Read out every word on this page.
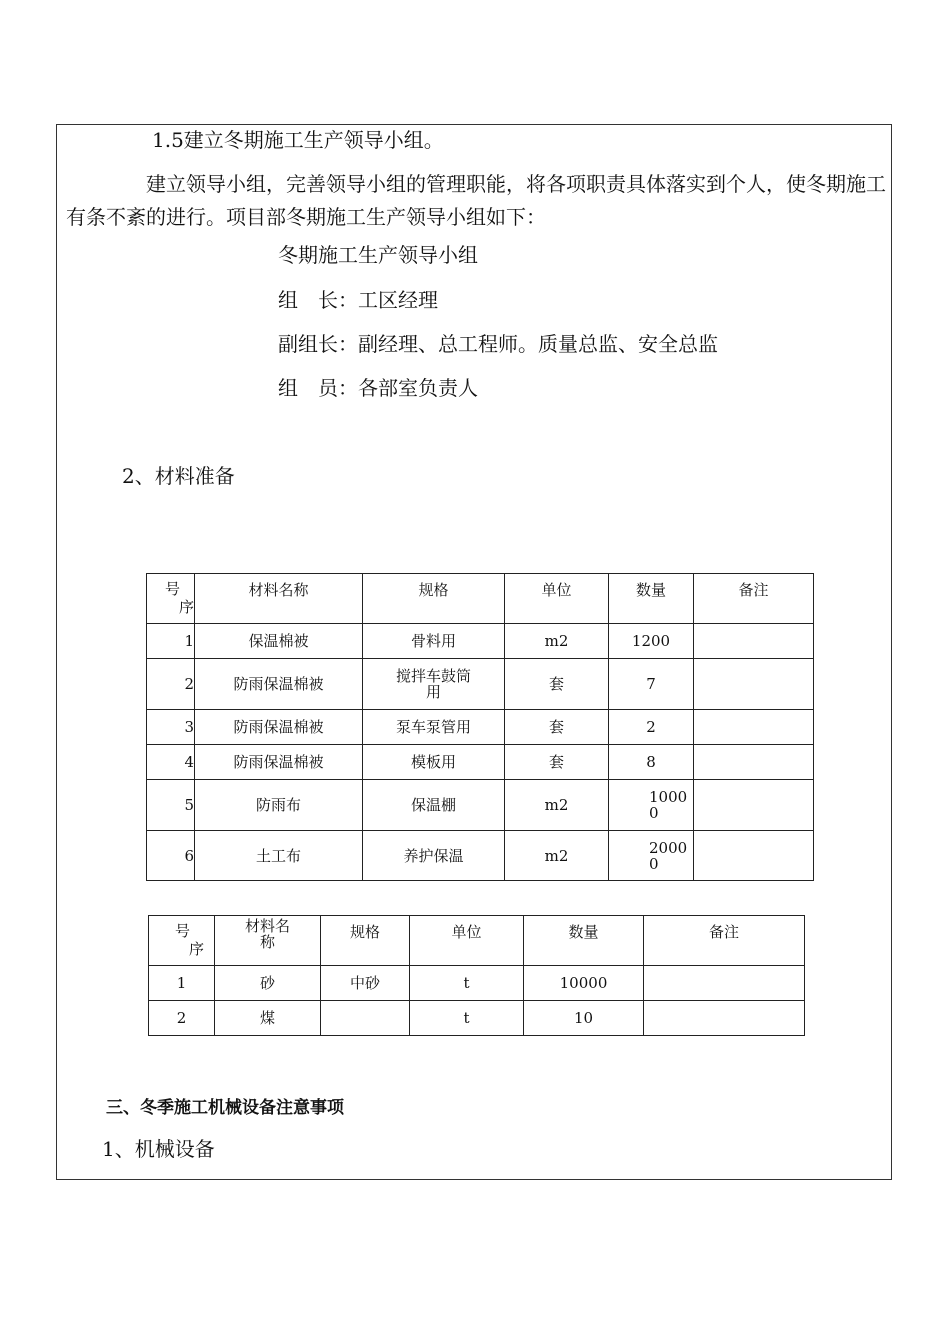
1.5建立冬期施工生产领导小组。
建立领导小组，完善领导小组的管理职能，将各项职责具体落实到个人，使冬期施工有条不紊的进行。项目部冬期施工生产领导小组如下：
冬期施工生产领导小组
组　长：工区经理
副组长：副经理、总工程师。质量总监、安全总监
组　员：各部室负责人
2、材料准备
序
号	材料名称	规格	单位	数量	备注
1	保温棉被	骨料用	m2	1200	
2	防雨保温棉被	搅拌车鼓筒用	套	7	
3	防雨保温棉被	泵车泵管用	套	2	
4	防雨保温棉被	模板用	套	8	
5	防雨布	保温棚	m2	10000	
6	土工布	养护保温	m2	20000	
序
号	材料名称	规格	单位	数量	备注
1	砂	中砂	t	10000	
2	煤		t	10	
三、冬季施工机械设备注意事项
1、机械设备
